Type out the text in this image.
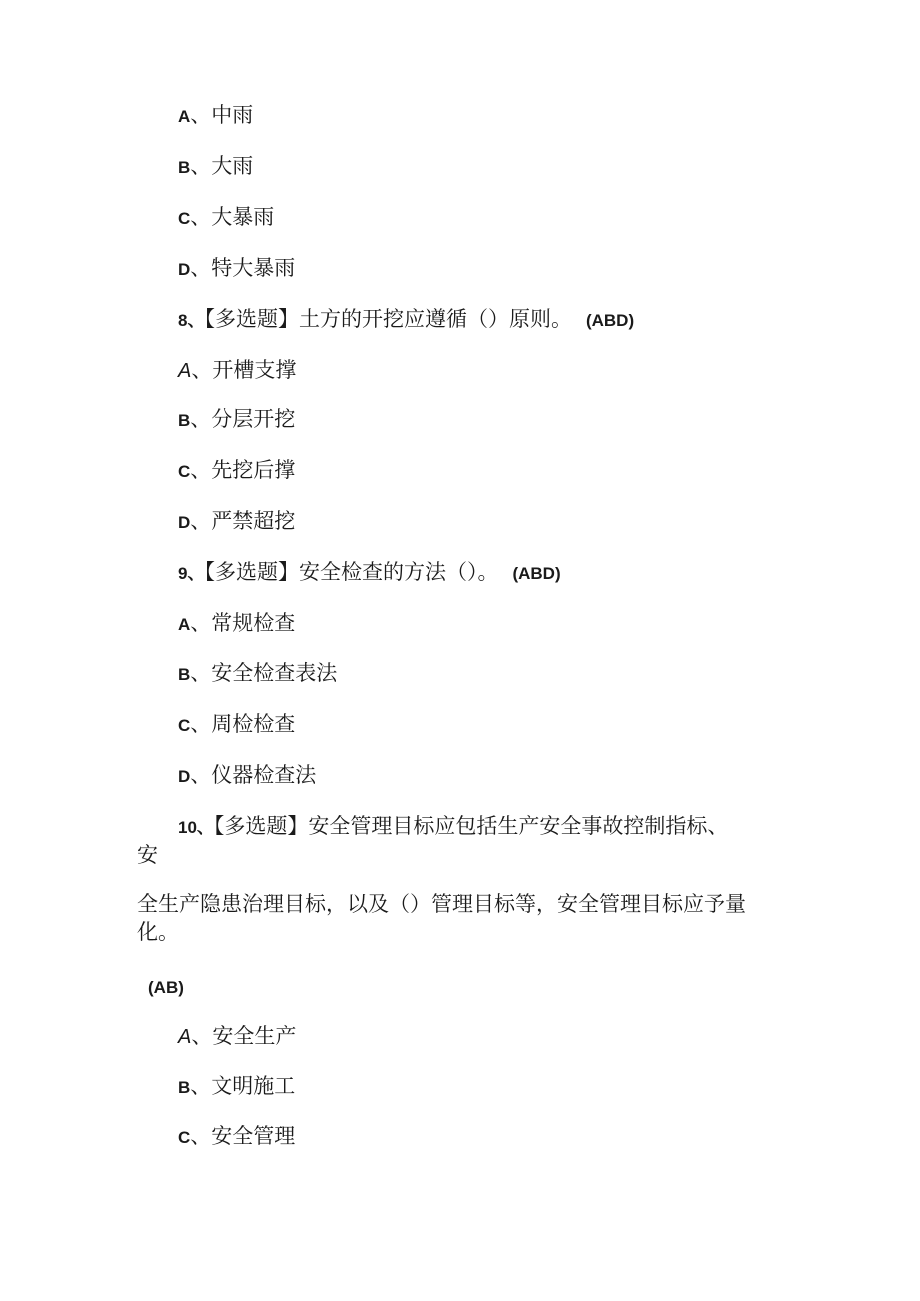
A、中雨
B、大雨
C、大暴雨
D、特大暴雨
8、【多选题】土方的开挖应遵循（）原则。 (ABD)
A、开槽支撑
B、分层开挖
C、先挖后撑
D、严禁超挖
9、【多选题】安全检查的方法（）。 (ABD)
A、常规检查
B、安全检查表法
C、周检检查
D、仪器检查法
10、【多选题】安全管理目标应包括生产安全事故控制指标、
安
全生产隐患治理目标，以及（）管理目标等，安全管理目标应予量
化。
(AB)
A、安全生产
B、文明施工
C、安全管理
